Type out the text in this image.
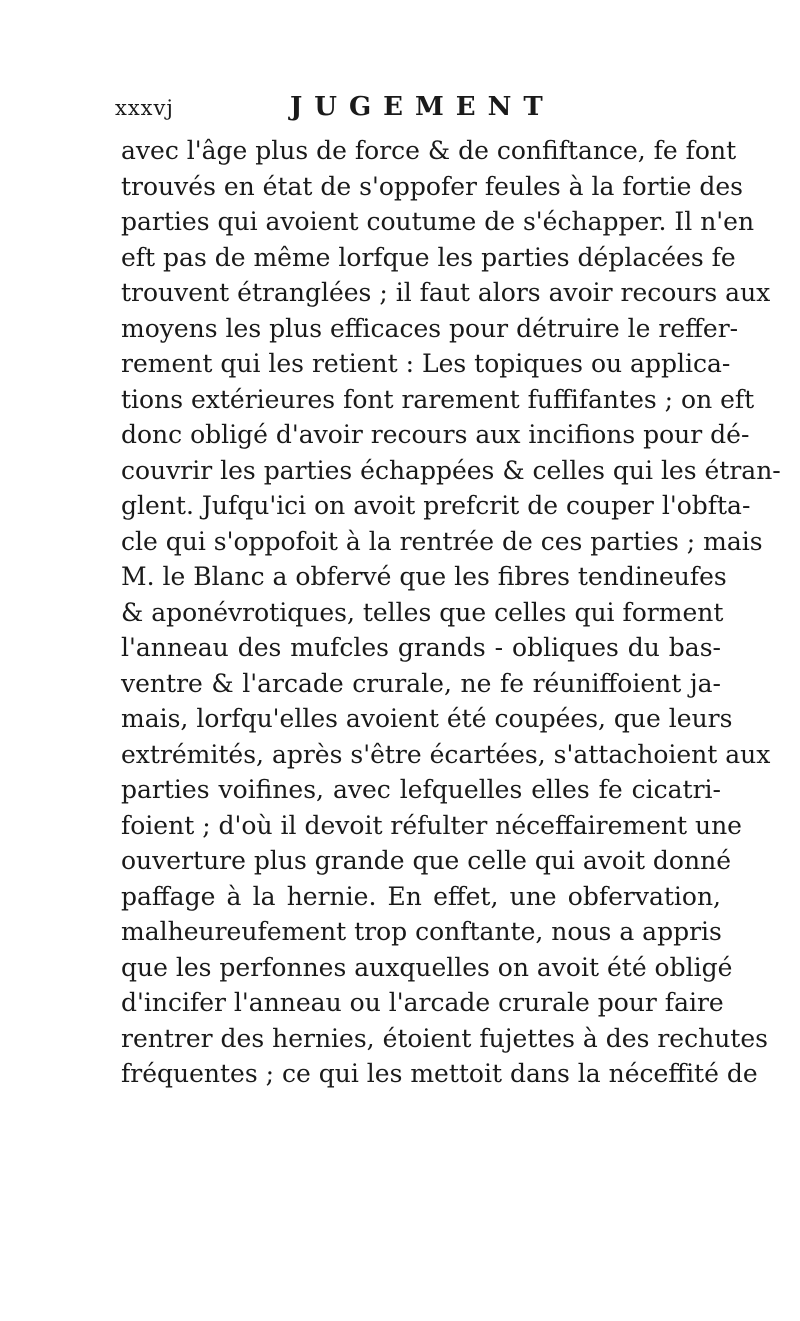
xxxvj	JUGEMENT
avec l'âge plus de force & de confiftance, fe font
trouvés en état de s'oppofer feules à la fortie des
parties qui avoient coutume de s'échapper. Il n'en
eft pas de même lorfque les parties déplacées fe
trouvent étranglées ; il faut alors avoir recours aux
moyens les plus efficaces pour détruire le reffer-
rement qui les retient : Les topiques ou applica-
tions extérieures font rarement fuffifantes ; on eft
donc obligé d'avoir recours aux incifions pour dé-
couvrir les parties échappées & celles qui les étran-
glent. Jufqu'ici on avoit prefcrit de couper l'obfta-
cle qui s'oppofoit à la rentrée de ces parties ; mais
M. le Blanc a obfervé que les fibres tendineufes
& aponévrotiques, telles que celles qui forment
l'anneau des mufcles grands - obliques du bas-
ventre & l'arcade crurale, ne fe réuniffoient ja-
mais, lorfqu'elles avoient été coupées, que leurs
extrémités, après s'être écartées, s'attachoient aux
parties voifines, avec lefquelles elles fe cicatri-
foient ; d'où il devoit réfulter néceffairement une
ouverture plus grande que celle qui avoit donné
paffage à la hernie. En effet, une obfervation,
malheureufement trop conftante, nous a appris
que les perfonnes auxquelles on avoit été obligé
d'incifer l'anneau ou l'arcade crurale pour faire
rentrer des hernies, étoient fujettes à des rechutes
fréquentes ; ce qui les mettoit dans la néceffité de
